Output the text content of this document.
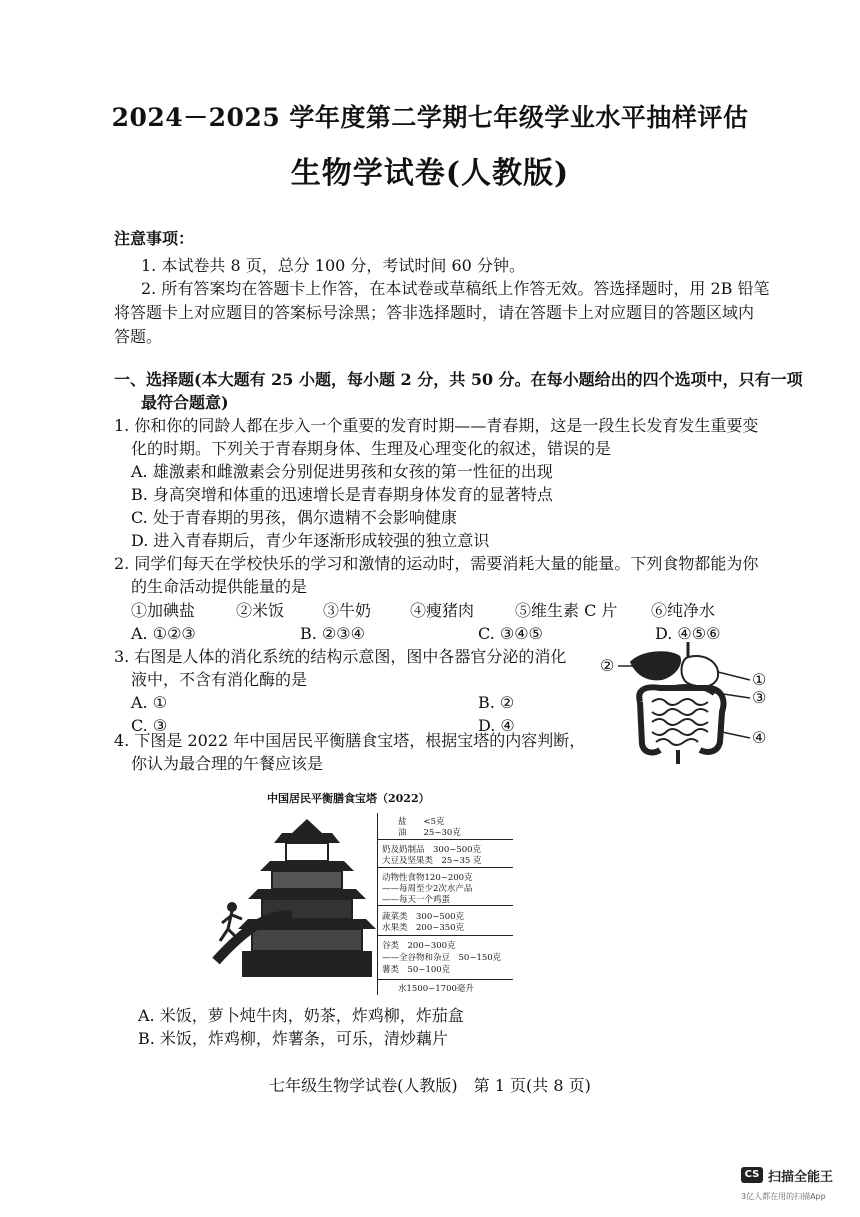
2024－2025 学年度第二学期七年级学业水平抽样评估
生物学试卷(人教版)
注意事项：
1. 本试卷共 8 页，总分 100 分，考试时间 60 分钟。
2. 所有答案均在答题卡上作答，在本试卷或草稿纸上作答无效。答选择题时，用 2B 铅笔
将答题卡上对应题目的答案标号涂黑；答非选择题时，请在答题卡上对应题目的答题区域内
答题。
一、选择题(本大题有 25 小题，每小题 2 分，共 50 分。在每小题给出的四个选项中，只有一项
最符合题意)
1. 你和你的同龄人都在步入一个重要的发育时期——青春期，这是一段生长发育发生重要变
化的时期。下列关于青春期身体、生理及心理变化的叙述，错误的是
A. 雄激素和雌激素会分别促进男孩和女孩的第一性征的出现
B. 身高突增和体重的迅速增长是青春期身体发育的显著特点
C. 处于青春期的男孩，偶尔遗精不会影响健康
D. 进入青春期后，青少年逐渐形成较强的独立意识
2. 同学们每天在学校快乐的学习和激情的运动时，需要消耗大量的能量。下列食物都能为你
的生命活动提供能量的是
①加碘盐	②米饭 ③牛奶 ④瘦猪肉	⑤维生素 C 片 ⑥纯净水
A. ①②③	B. ②③④	C. ③④⑤	D. ④⑤⑥
3. 右图是人体的消化系统的结构示意图，图中各器官分泌的消化
液中，不含有消化酶的是
A. ①	B. ②
C. ③	D. ④
②
①
③
④
4. 下图是 2022 年中国居民平衡膳食宝塔，根据宝塔的内容判断，
你认为最合理的午餐应该是
中国居民平衡膳食宝塔（2022）
盐　　<5克
油　　25~30克
奶及奶制品　300~500克
大豆及坚果类　25~35 克
动物性食物120~200克
——每周至少2次水产品
——每天一个鸡蛋
蔬菜类　300~500克
水果类　200~350克
谷类　200~300克
——全谷物和杂豆　50~150克
薯类　50~100克
水1500~1700毫升
A. 米饭，萝卜炖牛肉，奶茶，炸鸡柳，炸茄盒
B. 米饭，炸鸡柳，炸薯条，可乐，清炒藕片
七年级生物学试卷(人教版)　第 1 页(共 8 页)
CS 扫描全能王
3亿人都在用的扫描App
